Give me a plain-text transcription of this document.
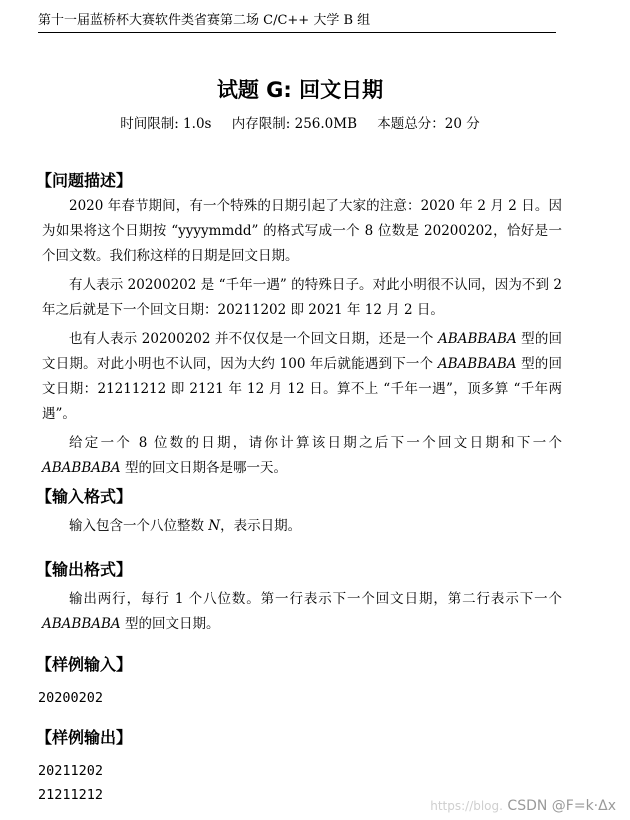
第十一届蓝桥杯大赛软件类省赛第二场 C/C++ 大学 B 组
试题 G: 回文日期
时间限制: 1.0s 内存限制: 256.0MB 本题总分：20 分
【问题描述】

2020 年春节期间，有一个特殊的日期引起了大家的注意：2020 年 2 月 2 日。因为如果将这个日期按 “yyyymmdd” 的格式写成一个 8 位数是 20200202，恰好是一个回文数。我们称这样的日期是回文日期。

有人表示 20200202 是 “千年一遇” 的特殊日子。对此小明很不认同，因为不到 2 年之后就是下一个回文日期：20211202 即 2021 年 12 月 2 日。

也有人表示 20200202 并不仅仅是一个回文日期，还是一个 ABABBABA 型的回文日期。对此小明也不认同，因为大约 100 年后就能遇到下一个 ABABBABA 型的回文日期：21211212 即 2121 年 12 月 12 日。算不上 “千年一遇”，顶多算 “千年两遇”。

给定一个 8 位数的日期，请你计算该日期之后下一个回文日期和下一个 ABABBABA 型的回文日期各是哪一天。

【输入格式】

输入包含一个八位整数 N，表示日期。

【输出格式】

输出两行，每行 1 个八位数。第一行表示下一个回文日期，第二行表示下一个 ABABBABA 型的回文日期。

【样例输入】
20200202
【样例输出】
20211202
21211212
https://blog. CSDN @F=k·Δx
